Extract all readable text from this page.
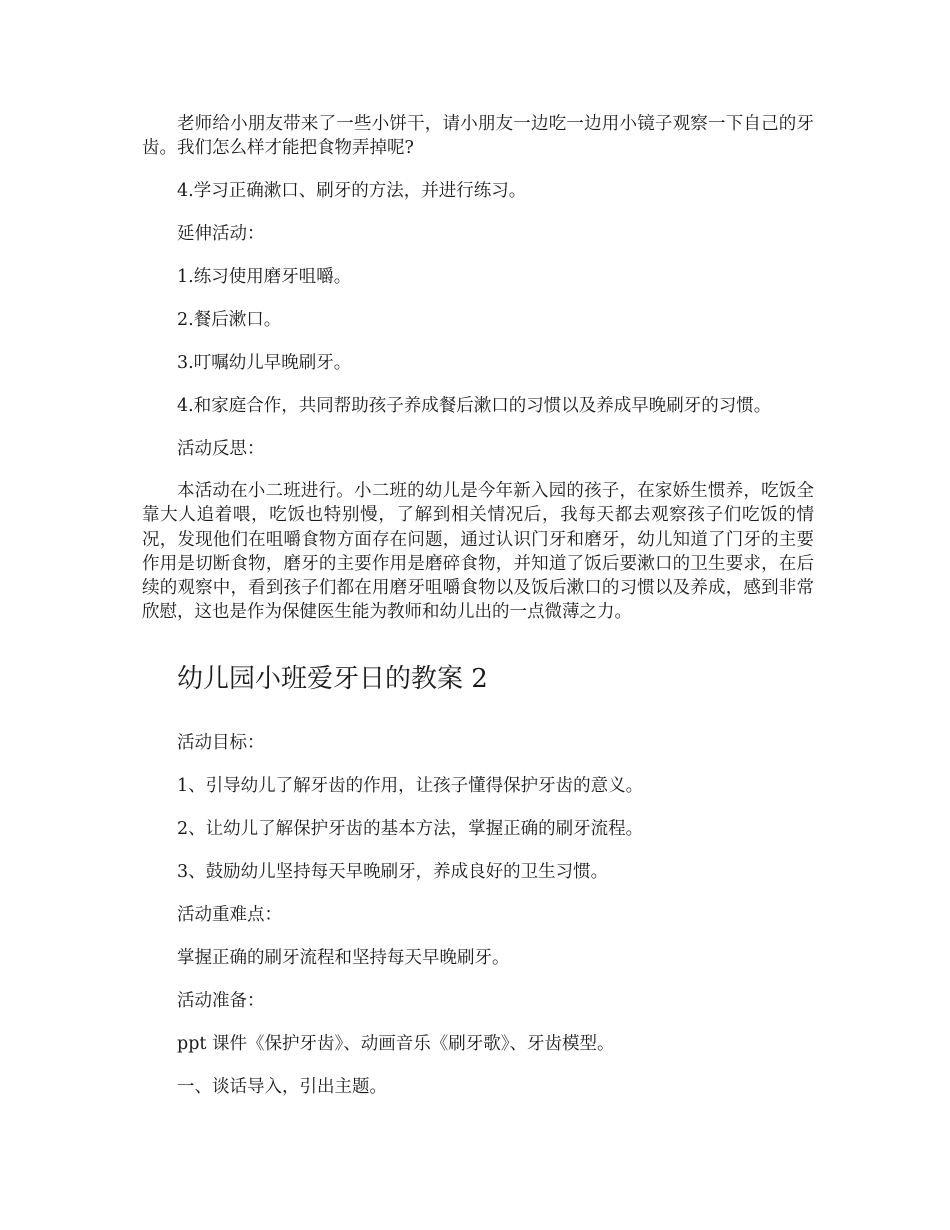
老师给小朋友带来了一些小饼干，请小朋友一边吃一边用小镜子观察一下自己的牙齿。我们怎么样才能把食物弄掉呢?

4.学习正确漱口、刷牙的方法，并进行练习。

延伸活动：

1.练习使用磨牙咀嚼。

2.餐后漱口。

3.叮嘱幼儿早晚刷牙。

4.和家庭合作，共同帮助孩子养成餐后漱口的习惯以及养成早晚刷牙的习惯。

活动反思：

本活动在小二班进行。小二班的幼儿是今年新入园的孩子，在家娇生惯养，吃饭全靠大人追着喂，吃饭也特别慢，了解到相关情况后，我每天都去观察孩子们吃饭的情况，发现他们在咀嚼食物方面存在问题，通过认识门牙和磨牙，幼儿知道了门牙的主要作用是切断食物，磨牙的主要作用是磨碎食物，并知道了饭后要漱口的卫生要求，在后续的观察中，看到孩子们都在用磨牙咀嚼食物以及饭后漱口的习惯以及养成，感到非常欣慰，这也是作为保健医生能为教师和幼儿出的一点微薄之力。

幼儿园小班爱牙日的教案 2

活动目标：

1、引导幼儿了解牙齿的作用，让孩子懂得保护牙齿的意义。

2、让幼儿了解保护牙齿的基本方法，掌握正确的刷牙流程。

3、鼓励幼儿坚持每天早晚刷牙，养成良好的卫生习惯。

活动重难点：

掌握正确的刷牙流程和坚持每天早晚刷牙。

活动准备：

ppt 课件《保护牙齿》、动画音乐《刷牙歌》、牙齿模型。

一、谈话导入，引出主题。
